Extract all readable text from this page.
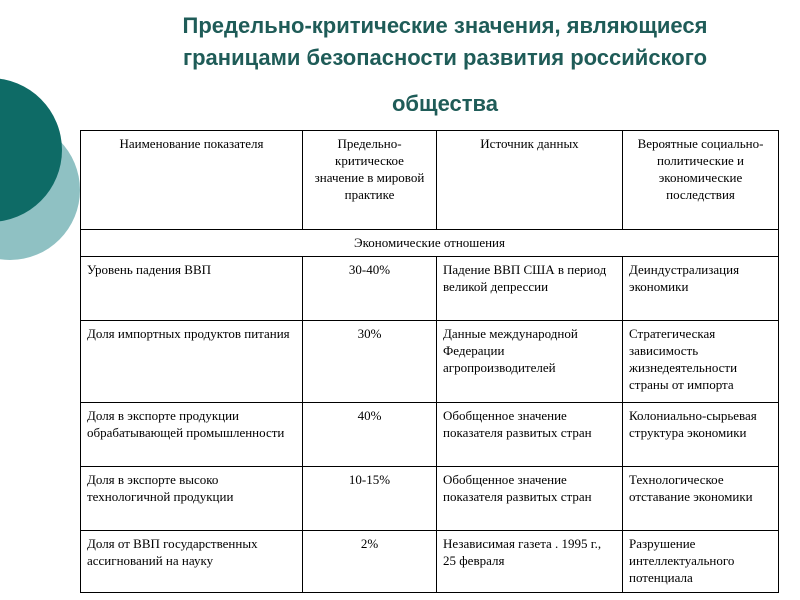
Предельно-критические значения, являющиеся
границами безопасности развития российского
общества
Наименование показателя	Предельно-критическое значение в мировой практике	Источник данных	Вероятные социально-политические и экономические последствия
Экономические отношения			
Уровень падения ВВП	30-40%	Падение ВВП США в период великой депрессии	Деиндустрализация экономики
Доля импортных продуктов питания	30%	Данные международной Федерации агропроизводителей	Стратегическая зависимость жизнедеятельности страны от импорта
Доля в экспорте продукции обрабатывающей промышленности	40%	Обобщенное значение показателя развитых стран	Колониально-сырьевая структура экономики
Доля в экспорте высоко технологичной продукции	10-15%	Обобщенное значение показателя развитых стран	Технологическое отставание экономики
Доля от ВВП государственных ассигнований на науку	2%	Независимая газета . 1995 г., 25 февраля	Разрушение интеллектуального потенциала
